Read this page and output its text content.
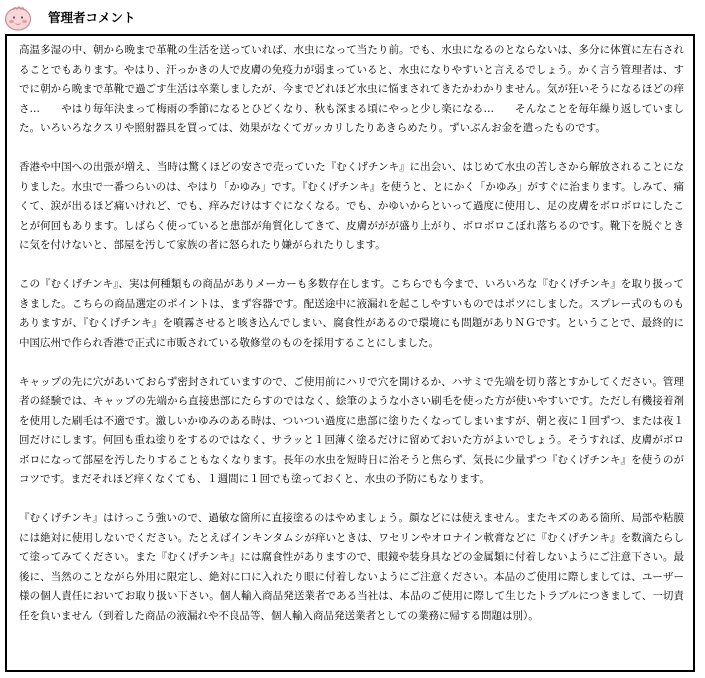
管理者コメント

高温多湿の中、朝から晩まで革靴の生活を送っていれば、水虫になって当たり前。でも、水虫になるのとならないは、多分に体質に左右されることでもあります。やはり、汗っかきの人で皮膚の免疫力が弱まっていると、水虫になりやすいと言えるでしょう。かく言う管理者は、すでに朝から晩まで革靴で過ごす生活は卒業しましたが、今までどれほど水虫に悩まされてきたかわかりません。気が狂いそうになるほどの痒さ…　　やはり毎年決まって梅雨の季節になるとひどくなり、秋も深まる頃にやっと少し楽になる…　　そんなことを毎年繰り返していました。いろいろなクスリや照射器具を買っては、効果がなくてガッカリしたりあきらめたり。ずいぶんお金を遣ったものです。

香港や中国への出張が増え、当時は驚くほどの安さで売っていた『むくげチンキ』に出会い、はじめて水虫の苦しさから解放されることになりました。水虫で一番つらいのは、やはり「かゆみ」です。『むくげチンキ』を使うと、とにかく「かゆみ」がすぐに治まります。しみて、痛くて、涙が出るほど痛いけれど、でも、痒みだけはすぐになくなる。でも、かゆいからといって過度に使用し、足の皮膚をボロボロにしたことが何回もあります。しばらく使っていると患部が角質化してきて、皮膚ががが盛り上がり、ボロボロこぼれ落ちるのです。靴下を脱ぐときに気を付けないと、部屋を汚して家族の者に怒られたり嫌がられたりします。

この『むくげチンキ』、実は何種類もの商品がありメーカーも多数存在します。こちらでも今まで、いろいろな『むくげチンキ』を取り扱ってきました。こちらの商品選定のポイントは、まず容器です。配送途中に液漏れを起こしやすいものではポツにしました。スプレー式のものもありますが、『むくげチンキ』を噴霧させると咳き込んでしまい、腐食性があるので環境にも問題がありＮＧです。ということで、最終的に中国広州で作られ香港で正式に市販されている敬修堂のものを採用することにしました。

キャップの先に穴があいておらず密封されていますので、ご使用前にハリで穴を開けるか、ハサミで先端を切り落とすかしてください。管理者の経験では、キャップの先端から直接患部にたらすのではなく、絵筆のような小さい刷毛を使った方が使いやすいです。ただし有機接着剤を使用した刷毛は不適です。激しいかゆみのある時は、ついつい過度に患部に塗りたくなってしまいますが、朝と夜に１回ずつ、または夜１回だけにします。何回も重ね塗りをするのではなく、サラッと１回薄く塗るだけに留めておいた方がよいでしょう。そうすれば、皮膚がボロボロになって部屋を汚したりすることもなくなります。長年の水虫を短時日に治そうと焦らず、気長に少量ずつ『むくげチンキ』を使うのがコツです。まだそれほど痒くなくても、１週間に１回でも塗っておくと、水虫の予防にもなります。

『むくげチンキ』はけっこう強いので、過敏な箇所に直接塗るのはやめましょう。顔などには使えません。またキズのある箇所、局部や粘膜には絶対に使用しないでください。たとえばインキンタムシが痒いときは、ワセリンやオロナイン軟膏などに『むくげチンキ』を数滴たらして塗ってみてください。また『むくげチンキ』には腐食性がありますので、眼鏡や装身具などの金属類に付着しないようにご注意下さい。最後に、当然のことながら外用に限定し、絶対に口に入れたり眼に付着しないようにご注意ください。本品のご使用に際しましては、ユーザー様の個人責任においてお取り扱い下さい。個人輸入商品発送業者である当社は、本品のご使用に際して生じたトラブルにつきまして、一切責任を負いません（到着した商品の液漏れや不良品等、個人輸入商品発送業者としての業務に帰する問題は別）。
